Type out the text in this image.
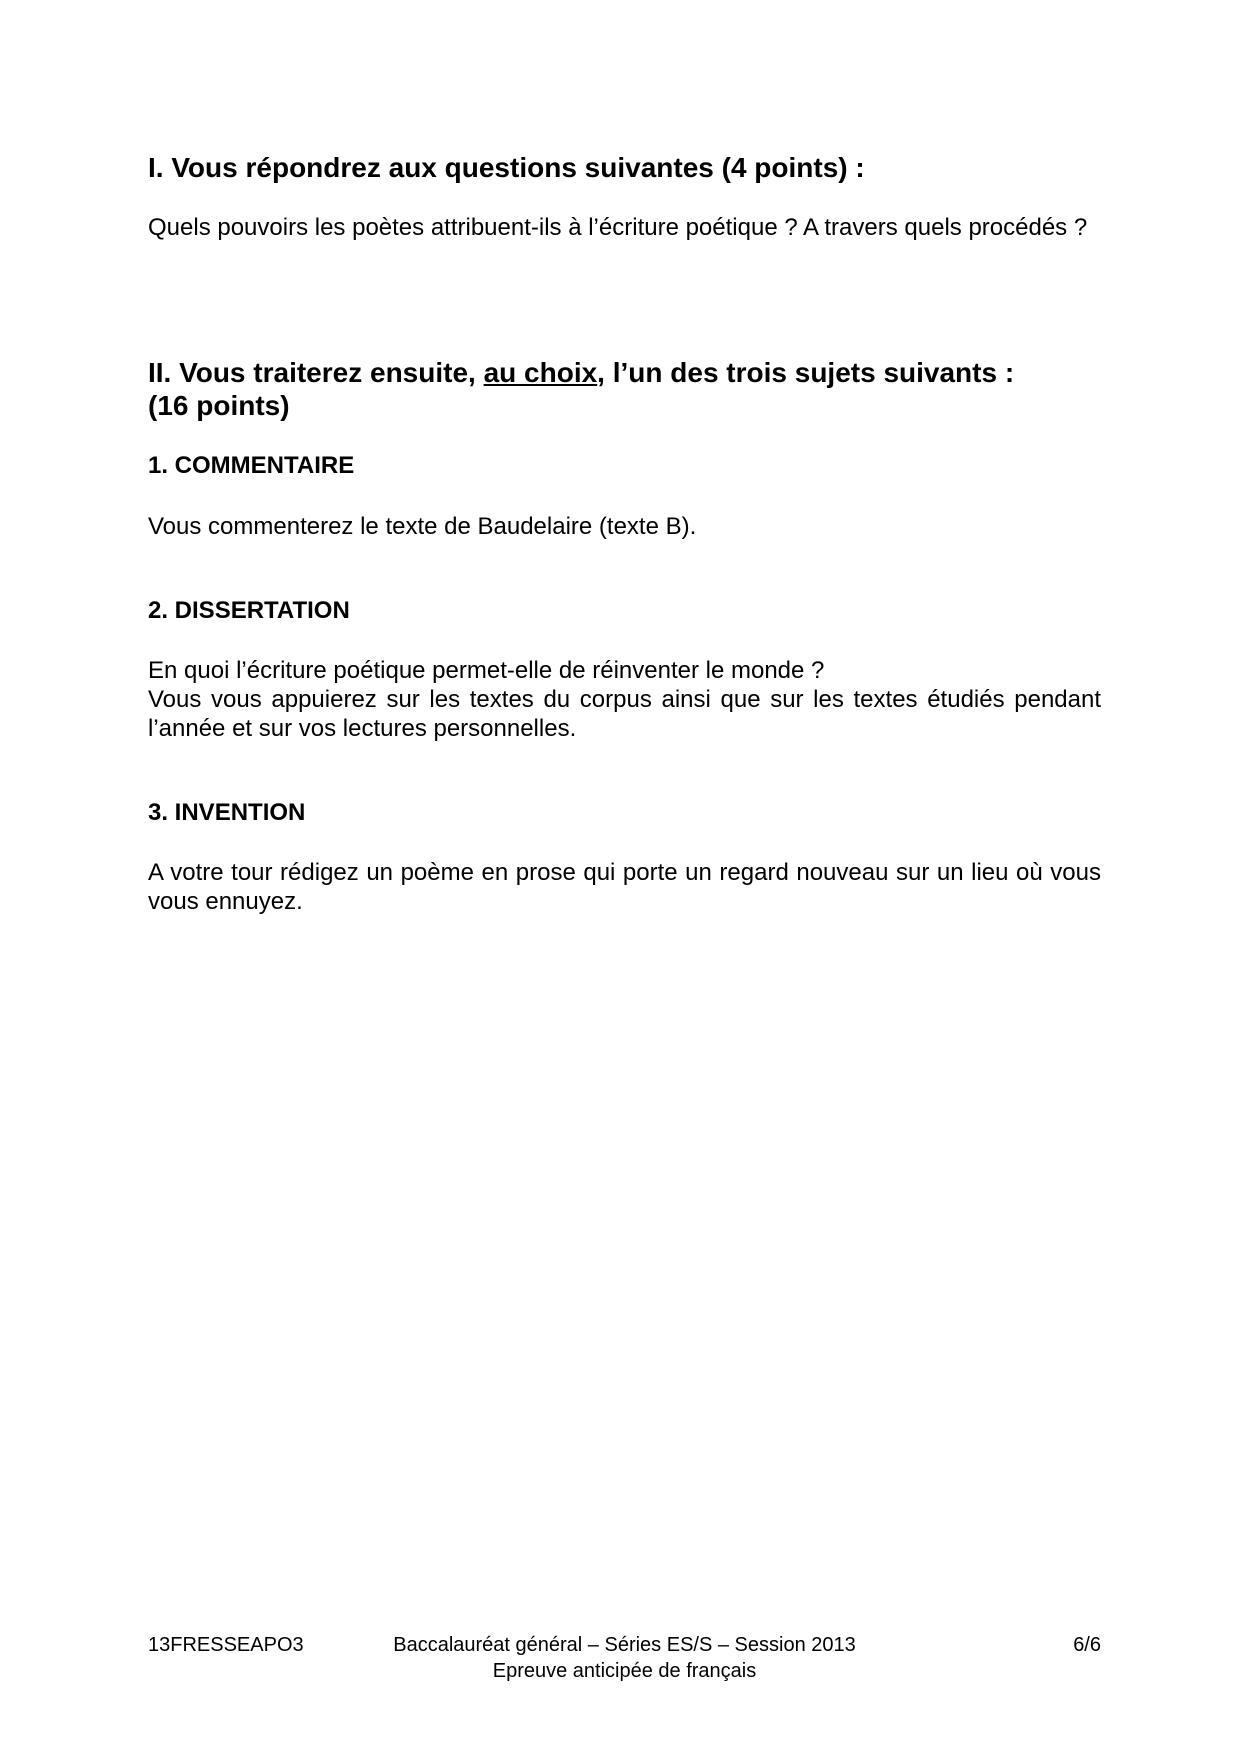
I. Vous répondrez aux questions suivantes (4 points) :

Quels pouvoirs les poètes attribuent-ils à l’écriture poétique ? A travers quels procédés ?

II. Vous traiterez ensuite, au choix, l’un des trois sujets suivants :
(16 points)
1. COMMENTAIRE

Vous commenterez le texte de Baudelaire (texte B).

2. DISSERTATION

En quoi l’écriture poétique permet-elle de réinventer le monde ?

Vous vous appuierez sur les textes du corpus ainsi que sur les textes étudiés pendant l’année et sur vos lectures personnelles.

3. INVENTION

A votre tour rédigez un poème en prose qui porte un regard nouveau sur un lieu où vous vous ennuyez.

13FRESSEAPO3	Baccalauréat général – Séries ES/S – Session 2013
Epreuve anticipée de français
6/6
